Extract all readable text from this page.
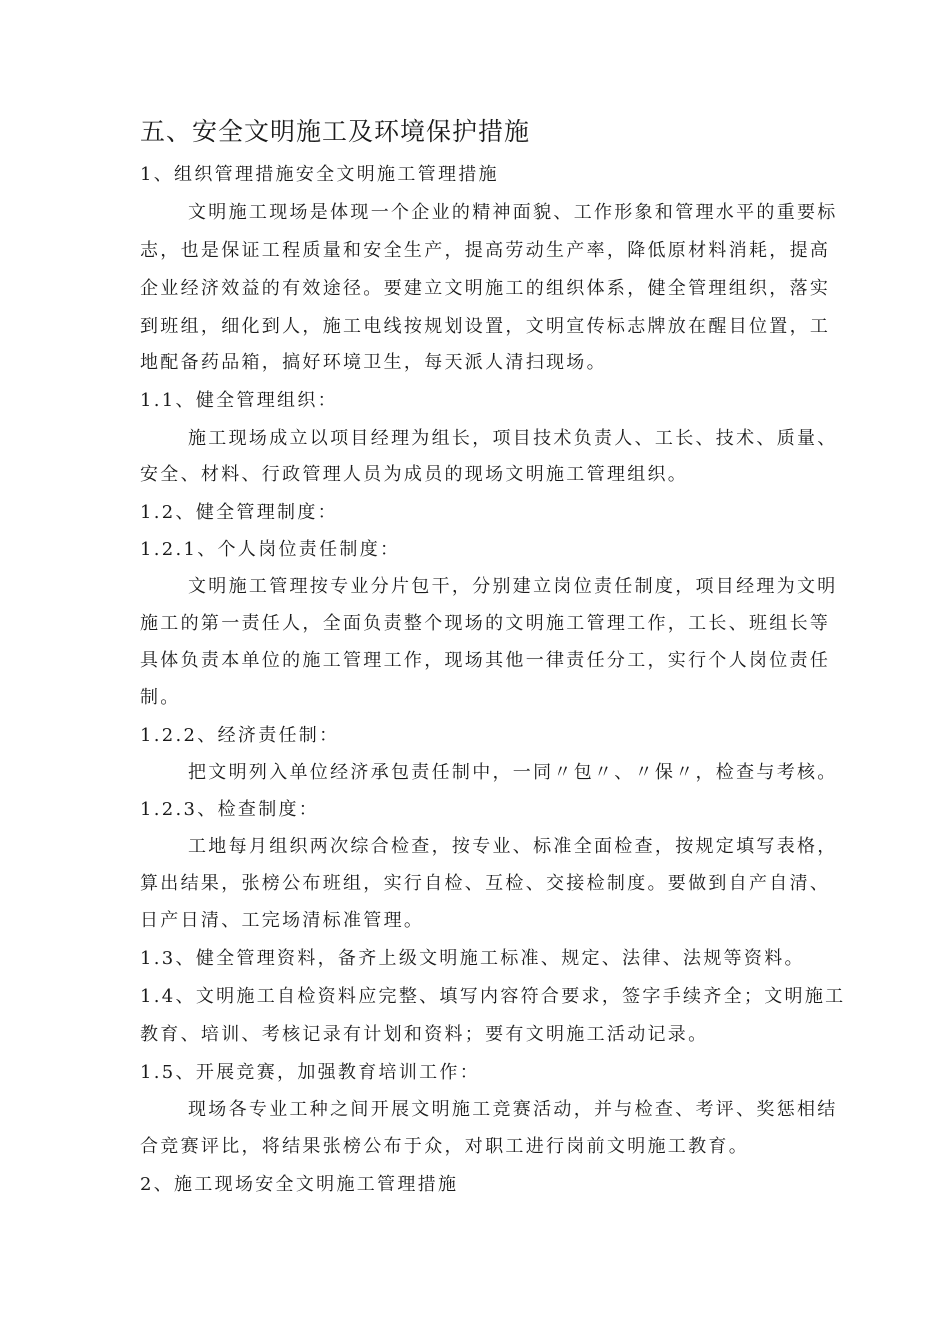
五、安全文明施工及环境保护措施
1、组织管理措施安全文明施工管理措施
文明施工现场是体现一个企业的精神面貌、工作形象和管理水平的重要标
志，也是保证工程质量和安全生产，提高劳动生产率，降低原材料消耗，提高
企业经济效益的有效途径。要建立文明施工的组织体系，健全管理组织，落实
到班组，细化到人，施工电线按规划设置，文明宣传标志牌放在醒目位置，工
地配备药品箱，搞好环境卫生，每天派人清扫现场。
1.1、健全管理组织：
施工现场成立以项目经理为组长，项目技术负责人、工长、技术、质量、
安全、材料、行政管理人员为成员的现场文明施工管理组织。
1.2、健全管理制度：
1.2.1、个人岗位责任制度：
文明施工管理按专业分片包干，分别建立岗位责任制度，项目经理为文明
施工的第一责任人，全面负责整个现场的文明施工管理工作，工长、班组长等
具体负责本单位的施工管理工作，现场其他一律责任分工，实行个人岗位责任
制。
1.2.2、经济责任制：
把文明列入单位经济承包责任制中，一同〃包〃、〃保〃，检查与考核。
1.2.3、检查制度：
工地每月组织两次综合检查，按专业、标准全面检查，按规定填写表格，
算出结果，张榜公布班组，实行自检、互检、交接检制度。要做到自产自清、
日产日清、工完场清标准管理。
1.3、健全管理资料，备齐上级文明施工标准、规定、法律、法规等资料。
1.4、文明施工自检资料应完整、填写内容符合要求，签字手续齐全；文明施工
教育、培训、考核记录有计划和资料；要有文明施工活动记录。
1.5、开展竞赛，加强教育培训工作：
现场各专业工种之间开展文明施工竞赛活动，并与检查、考评、奖惩相结
合竞赛评比，将结果张榜公布于众，对职工进行岗前文明施工教育。
2、施工现场安全文明施工管理措施
